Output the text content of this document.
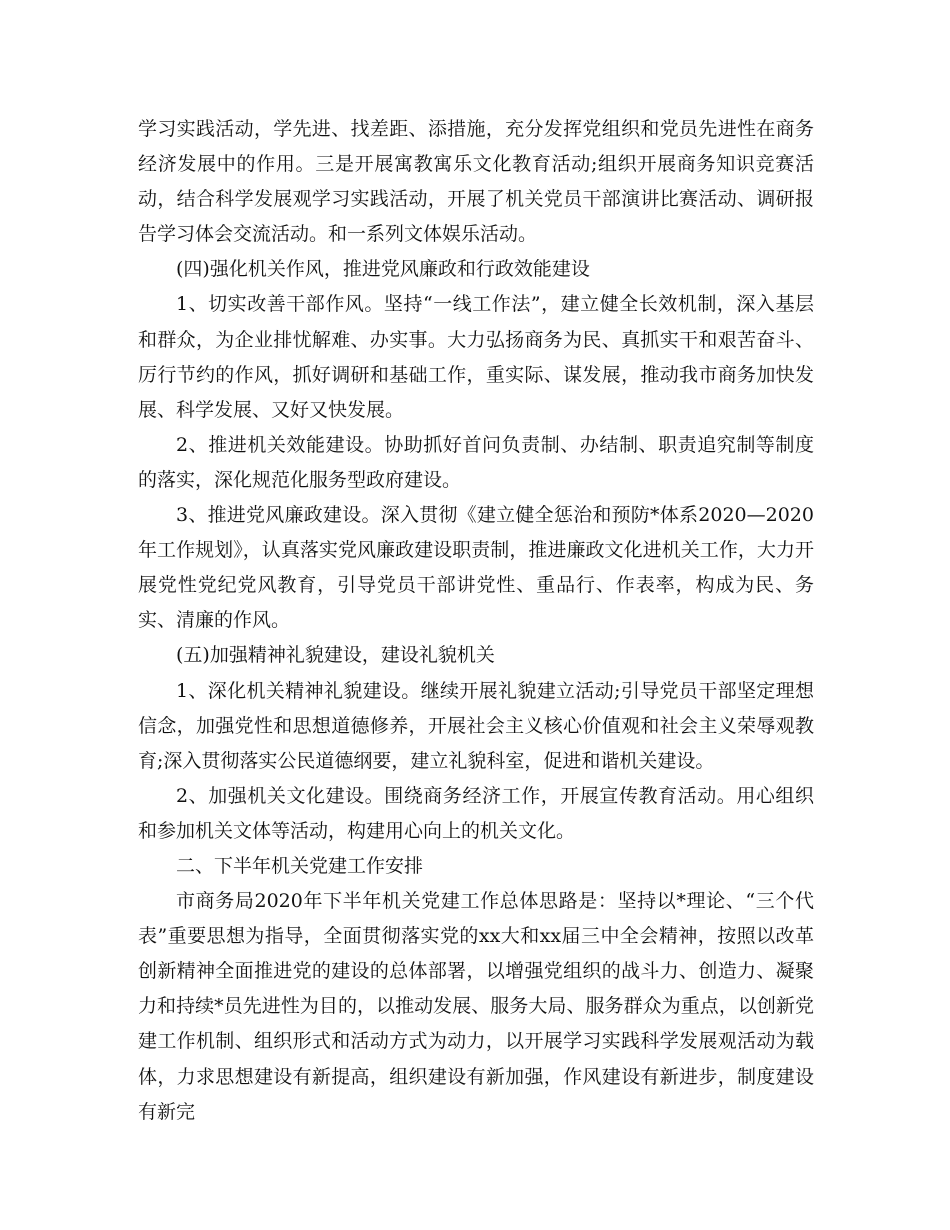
学习实践活动，学先进、找差距、添措施，充分发挥党组织和党员先进性在商务经济发展中的作用。三是开展寓教寓乐文化教育活动;组织开展商务知识竞赛活动，结合科学发展观学习实践活动，开展了机关党员干部演讲比赛活动、调研报告学习体会交流活动。和一系列文体娱乐活动。

(四)强化机关作风，推进党风廉政和行政效能建设

1、切实改善干部作风。坚持“一线工作法”，建立健全长效机制，深入基层和群众，为企业排忧解难、办实事。大力弘扬商务为民、真抓实干和艰苦奋斗、厉行节约的作风，抓好调研和基础工作，重实际、谋发展，推动我市商务加快发展、科学发展、又好又快发展。

2、推进机关效能建设。协助抓好首问负责制、办结制、职责追究制等制度的落实，深化规范化服务型政府建设。

3、推进党风廉政建设。深入贯彻《建立健全惩治和预防*体系2020—2020年工作规划》，认真落实党风廉政建设职责制，推进廉政文化进机关工作，大力开展党性党纪党风教育，引导党员干部讲党性、重品行、作表率，构成为民、务实、清廉的作风。

(五)加强精神礼貌建设，建设礼貌机关

1、深化机关精神礼貌建设。继续开展礼貌建立活动;引导党员干部坚定理想信念，加强党性和思想道德修养，开展社会主义核心价值观和社会主义荣辱观教育;深入贯彻落实公民道德纲要，建立礼貌科室，促进和谐机关建设。

2、加强机关文化建设。围绕商务经济工作，开展宣传教育活动。用心组织和参加机关文体等活动，构建用心向上的机关文化。

二、下半年机关党建工作安排

市商务局2020年下半年机关党建工作总体思路是：坚持以*理论、“三个代表”重要思想为指导，全面贯彻落实党的xx大和xx届三中全会精神，按照以改革创新精神全面推进党的建设的总体部署，以增强党组织的战斗力、创造力、凝聚力和持续*员先进性为目的，以推动发展、服务大局、服务群众为重点，以创新党建工作机制、组织形式和活动方式为动力，以开展学习实践科学发展观活动为载体，力求思想建设有新提高，组织建设有新加强，作风建设有新进步，制度建设有新完
